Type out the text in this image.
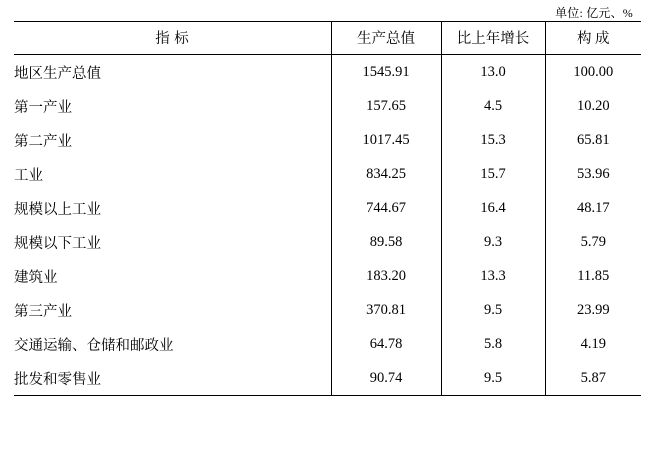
单位: 亿元、%
指 标	生产总值	比上年增长	构 成
地区生产总值	1545.91	13.0	100.00
第一产业	157.65	4.5	10.20
第二产业	1017.45	15.3	65.81
工业	834.25	15.7	53.96
规模以上工业	744.67	16.4	48.17
规模以下工业	89.58	9.3	5.79
建筑业	183.20	13.3	11.85
第三产业	370.81	9.5	23.99
交通运输、仓储和邮政业	64.78	5.8	4.19
批发和零售业	90.74	9.5	5.87
